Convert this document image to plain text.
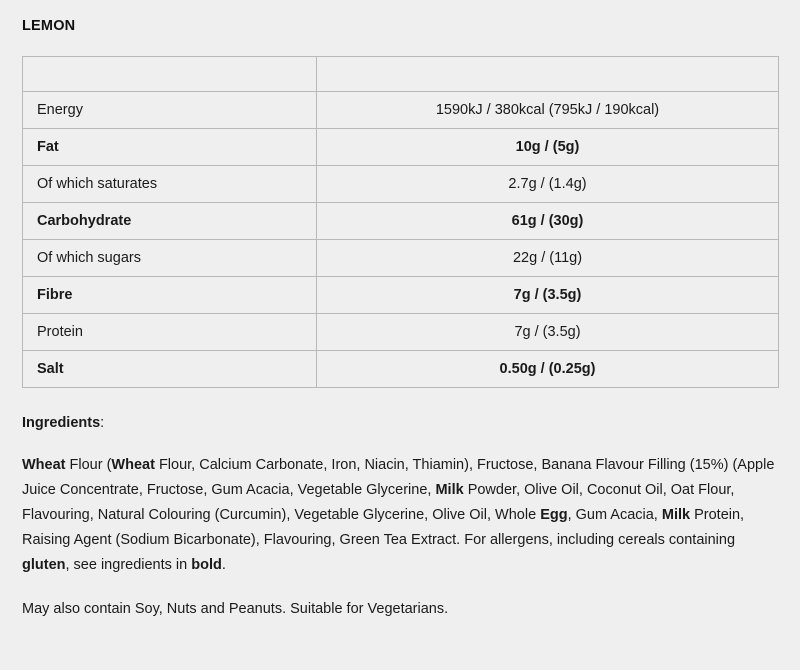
LEMON

Energy	1590kJ / 380kcal (795kJ / 190kcal)
Fat	10g / (5g)
Of which saturates	2.7g / (1.4g)
Carbohydrate	61g / (30g)
Of which sugars	22g / (11g)
Fibre	7g / (3.5g)
Protein	7g / (3.5g)
Salt	0.50g / (0.25g)
Ingredients:
Wheat Flour (Wheat Flour, Calcium Carbonate, Iron, Niacin, Thiamin), Fructose, Banana Flavour Filling (15%) (Apple Juice Concentrate, Fructose, Gum Acacia, Vegetable Glycerine, Milk Powder, Olive Oil, Coconut Oil, Oat Flour, Flavouring, Natural Colouring (Curcumin), Vegetable Glycerine, Olive Oil, Whole Egg, Gum Acacia, Milk Protein, Raising Agent (Sodium Bicarbonate), Flavouring, Green Tea Extract. For allergens, including cereals containing gluten, see ingredients in bold.
May also contain Soy, Nuts and Peanuts. Suitable for Vegetarians.
